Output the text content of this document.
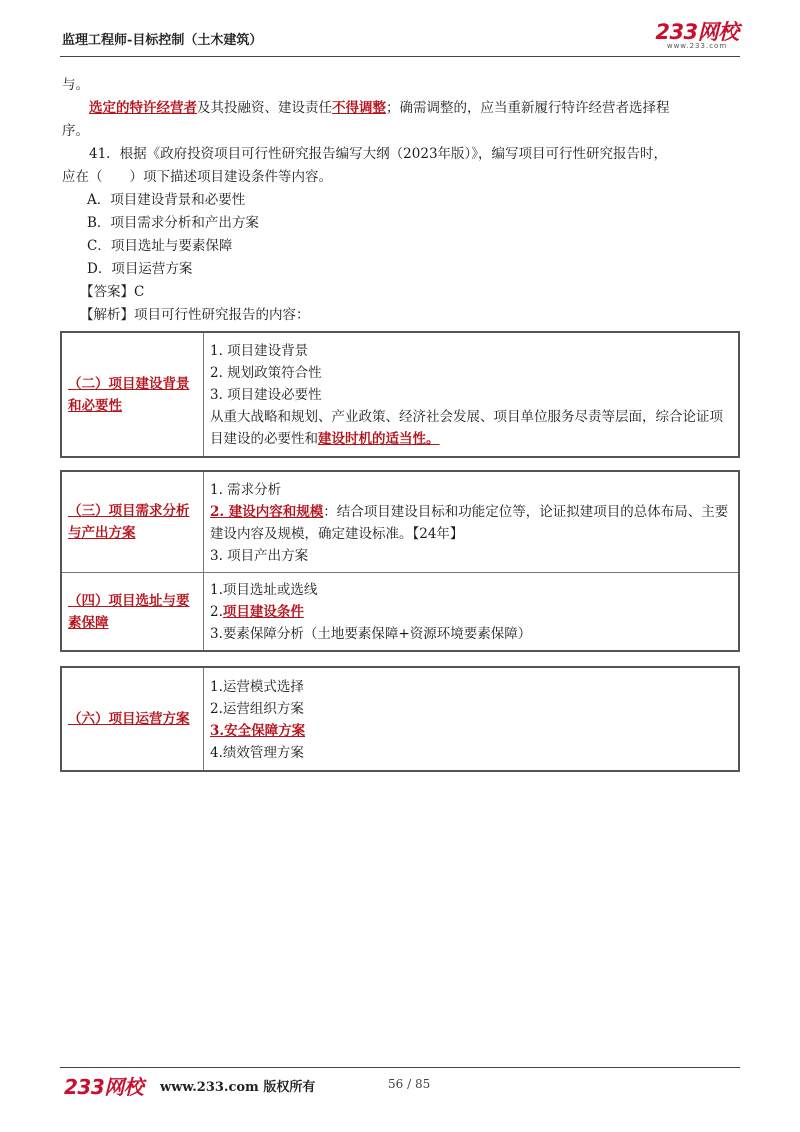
监理工程师-目标控制（土木建筑）	233网校
www.233.com
与。
选定的特许经营者及其投融资、建设责任不得调整；确需调整的，应当重新履行特许经营者选择程
序。
41．根据《政府投资项目可行性研究报告编写大纲（2023年版）》，编写项目可行性研究报告时，
应在（　　）项下描述项目建设条件等内容。
A．项目建设背景和必要性
B．项目需求分析和产出方案
C．项目选址与要素保障
D．项目运营方案
【答案】C
【解析】项目可行性研究报告的内容：
（二）项目建设背景和必要性	
1. 项目建设背景
2. 规划政策符合性
3. 项目建设必要性
从重大战略和规划、产业政策、经济社会发展、项目单位服务尽责等层面，综合论证项目建设的必要性和建设时机的适当性。
（三）项目需求分析与产出方案	1. 需求分析
2. 建设内容和规模：结合项目建设目标和功能定位等，论证拟建项目的总体布局、主要建设内容及规模，确定建设标准。【24年】
3. 项目产出方案

（四）项目选址与要素保障	1.项目选址或选线
2.项目建设条件
3.要素保障分析（土地要素保障+资源环境要素保障）
（六）项目运营方案	
1.运营模式选择
2.运营组织方案
3.安全保障方案
4.绩效管理方案
233网校 www.233.com 版权所有	56 / 85
